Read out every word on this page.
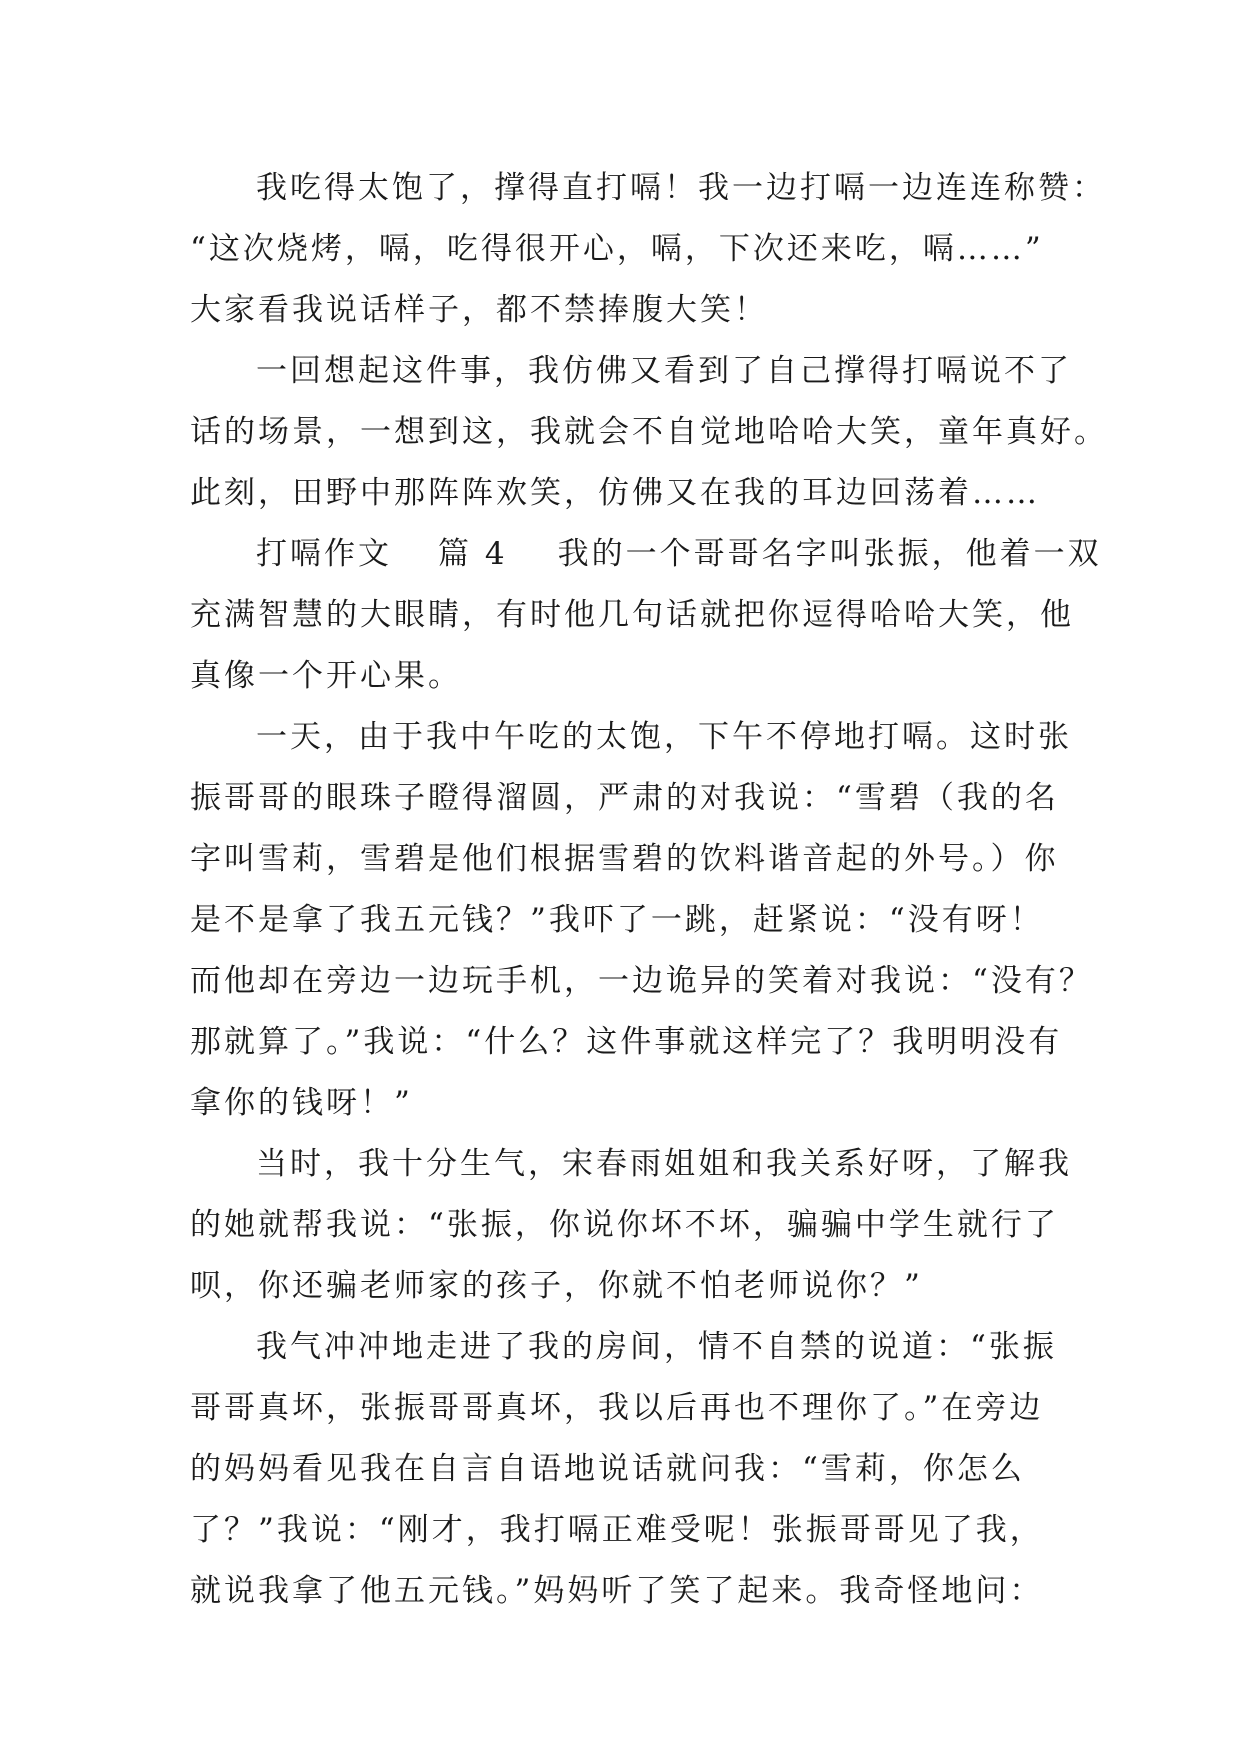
我吃得太饱了，撑得直打嗝！我一边打嗝一边连连称赞：
“这次烧烤，嗝，吃得很开心，嗝，下次还来吃，嗝……”
大家看我说话样子，都不禁捧腹大笑！
一回想起这件事，我仿佛又看到了自己撑得打嗝说不了
话的场景，一想到这，我就会不自觉地哈哈大笑，童年真好。
此刻，田野中那阵阵欢笑，仿佛又在我的耳边回荡着……
打嗝作文 篇 4 我的一个哥哥名字叫张振，他着一双
充满智慧的大眼睛，有时他几句话就把你逗得哈哈大笑，他
真像一个开心果。
一天，由于我中午吃的太饱，下午不停地打嗝。这时张
振哥哥的眼珠子瞪得溜圆，严肃的对我说：“雪碧（我的名
字叫雪莉，雪碧是他们根据雪碧的饮料谐音起的外号。）你
是不是拿了我五元钱？”我吓了一跳，赶紧说：“没有呀！
而他却在旁边一边玩手机，一边诡异的笑着对我说：“没有？
那就算了。”我说：“什么？这件事就这样完了？我明明没有
拿你的钱呀！”
当时，我十分生气，宋春雨姐姐和我关系好呀，了解我
的她就帮我说：“张振，你说你坏不坏，骗骗中学生就行了
呗，你还骗老师家的孩子，你就不怕老师说你？”
我气冲冲地走进了我的房间，情不自禁的说道：“张振
哥哥真坏，张振哥哥真坏，我以后再也不理你了。”在旁边
的妈妈看见我在自言自语地说话就问我：“雪莉，你怎么
了？”我说：“刚才，我打嗝正难受呢！张振哥哥见了我，
就说我拿了他五元钱。”妈妈听了笑了起来。我奇怪地问：
